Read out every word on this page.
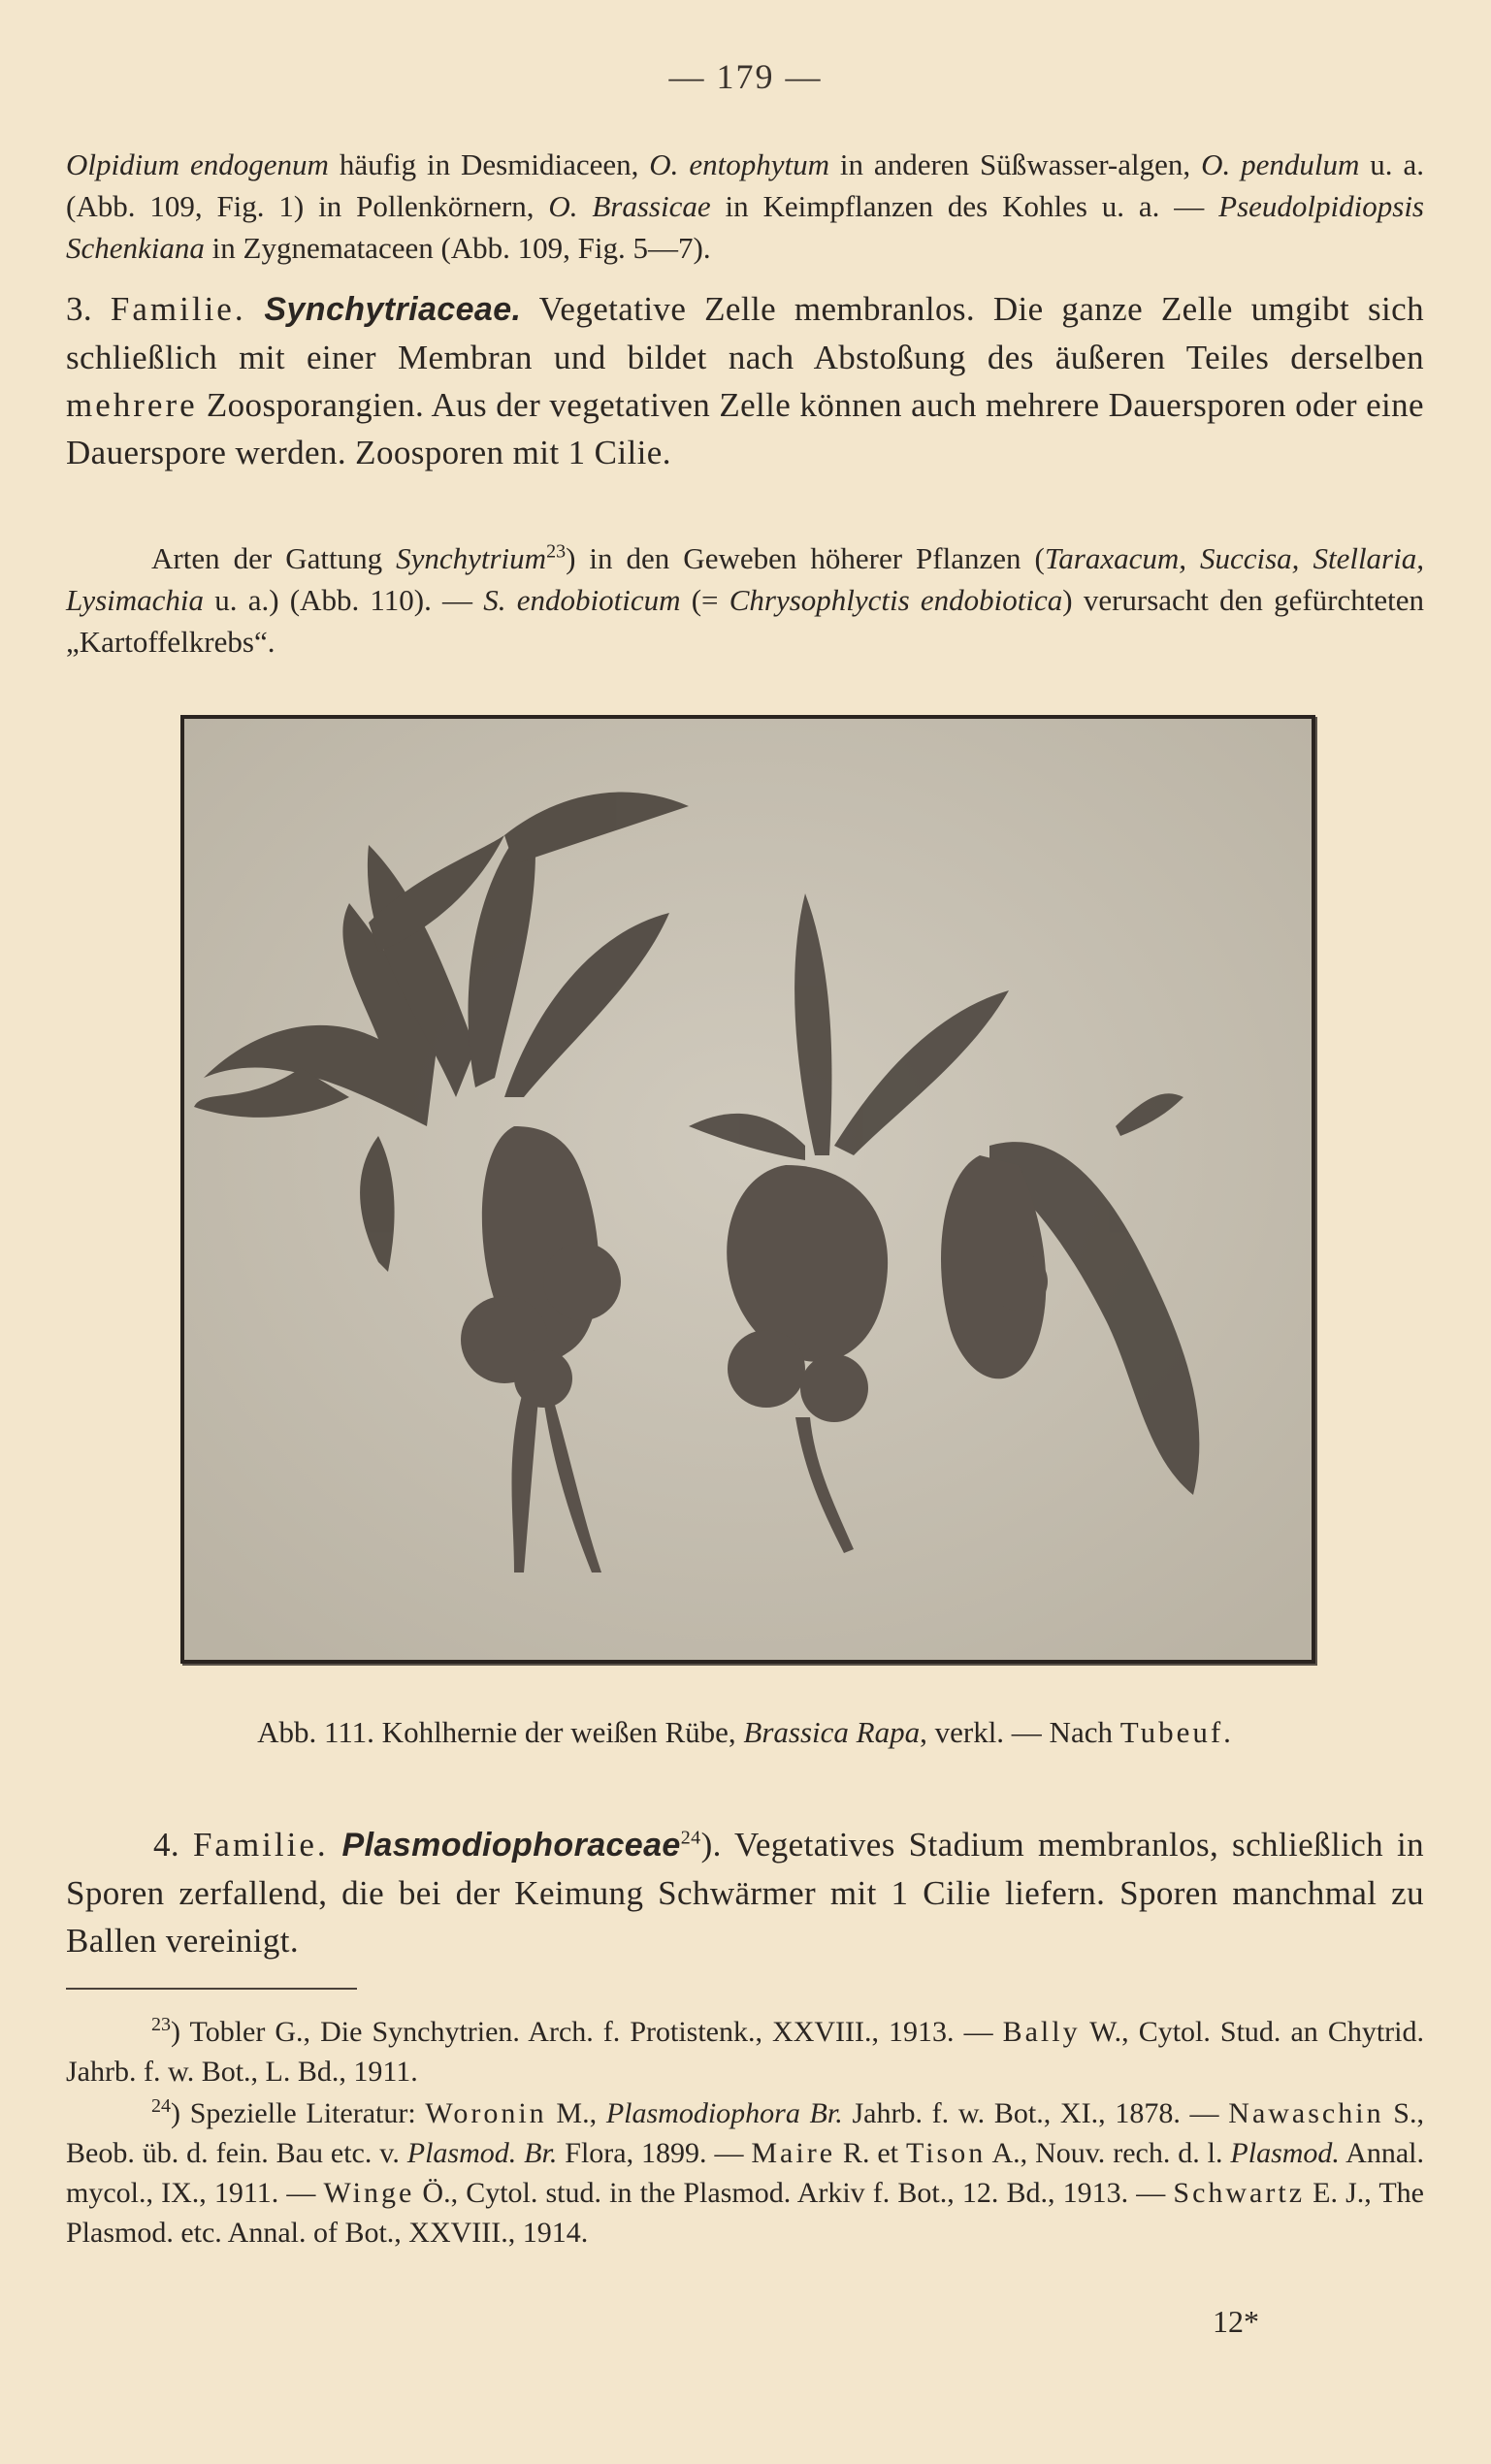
— 179 —
Olpidium endogenum häufig in Desmidiaceen, O. entophytum in anderen Süßwasser-algen, O. pendulum u. a. (Abb. 109, Fig. 1) in Pollenkörnern, O. Brassicae in Keimpflanzen des Kohles u. a. — Pseudolpidiopsis Schenkiana in Zygnemataceen (Abb. 109, Fig. 5—7).
3. Familie. Synchytriaceae. Vegetative Zelle membranlos. Die ganze Zelle umgibt sich schließlich mit einer Membran und bildet nach Abstoßung des äußeren Teiles derselben mehrere Zoosporangien. Aus der vegetativen Zelle können auch mehrere Dauersporen oder eine Dauerspore werden. Zoosporen mit 1 Cilie.
Arten der Gattung Synchytrium$^{23}$) in den Geweben höherer Pflanzen (Taraxacum, Succisa, Stellaria, Lysimachia u. a.) (Abb. 110). — S. endobioticum (= Chrysophlyctis endobiotica) verursacht den gefürchteten „Kartoffelkrebs“.
Abb. 111. Kohlhernie der weißen Rübe, Brassica Rapa, verkl. — Nach Tubeuf.
4. Familie. Plasmodiophoraceae$^{24}$). Vegetatives Stadium membranlos, schließlich in Sporen zerfallend, die bei der Keimung Schwärmer mit 1 Cilie liefern. Sporen manchmal zu Ballen vereinigt.
$^{23}$) Tobler G., Die Synchytrien. Arch. f. Protistenk., XXVIII., 1913. — Bally W., Cytol. Stud. an Chytrid. Jahrb. f. w. Bot., L. Bd., 1911.
$^{24}$) Spezielle Literatur: Woronin M., Plasmodiophora Br. Jahrb. f. w. Bot., XI., 1878. — Nawaschin S., Beob. üb. d. fein. Bau etc. v. Plasmod. Br. Flora, 1899. — Maire R. et Tison A., Nouv. rech. d. l. Plasmod. Annal. mycol., IX., 1911. — Winge Ö., Cytol. stud. in the Plasmod. Arkiv f. Bot., 12. Bd., 1913. — Schwartz E. J., The Plasmod. etc. Annal. of Bot., XXVIII., 1914.
12*
